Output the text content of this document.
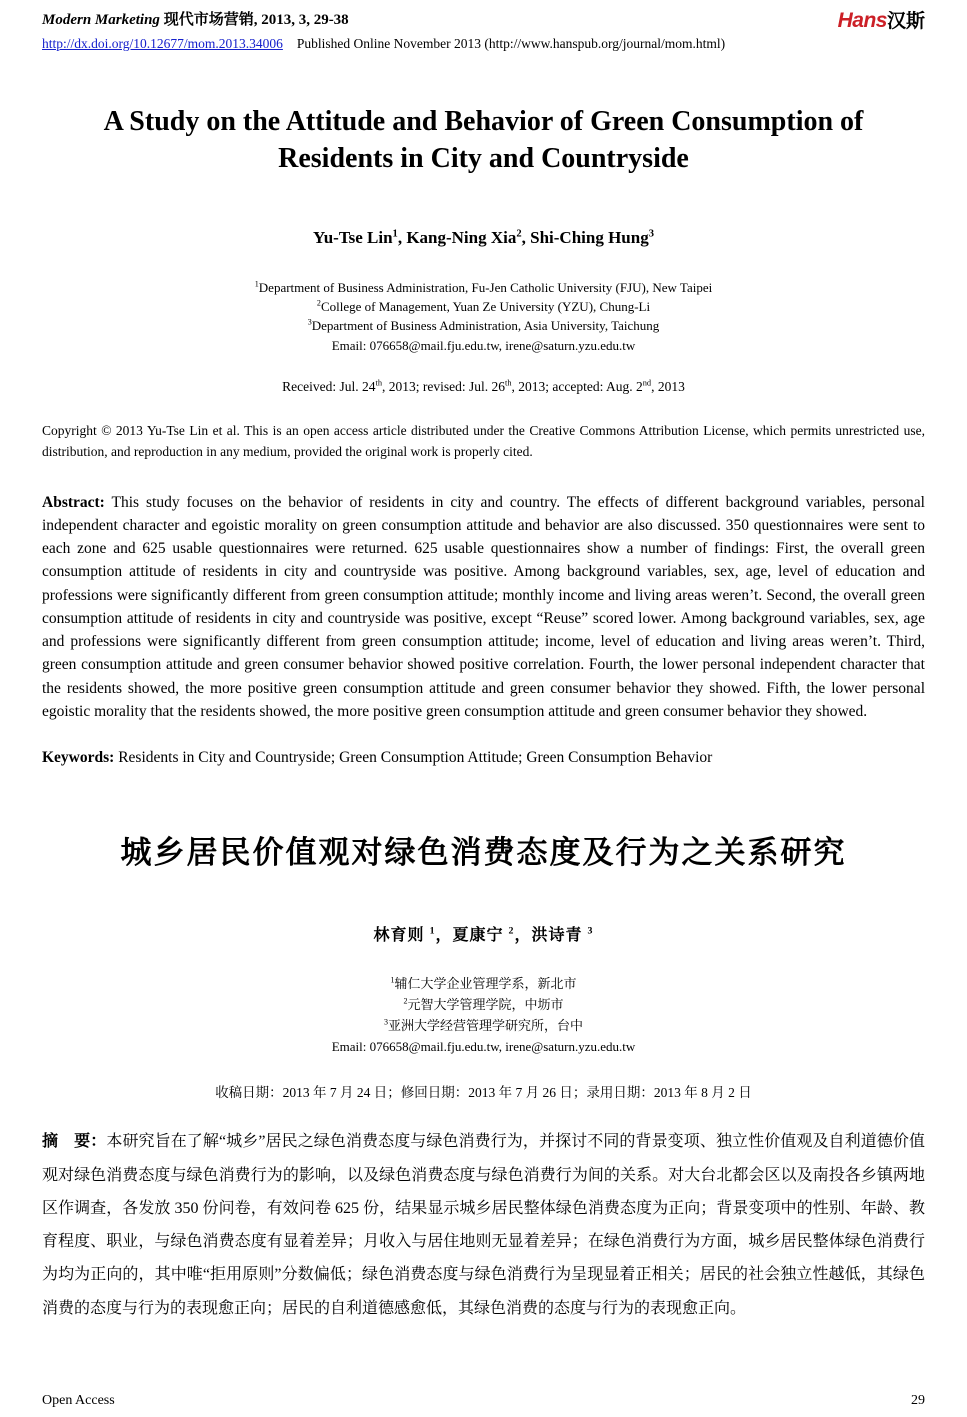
Modern Marketing 现代市场营销, 2013, 3, 29-38	Hans汉斯
http://dx.doi.org/10.12677/mom.2013.34006 Published Online November 2013 (http://www.hanspub.org/journal/mom.html)
A Study on the Attitude and Behavior of Green Consumption of Residents in City and Countryside

Yu-Tse Lin$^1$, Kang-Ning Xia$^2$, Shi-Ching Hung$^3$

$^1$Department of Business Administration, Fu-Jen Catholic University (FJU), New Taipei
$^2$College of Management, Yuan Ze University (YZU), Chung-Li
$^3$Department of Business Administration, Asia University, Taichung
Email: 076658@mail.fju.edu.tw, irene@saturn.yzu.edu.tw

Received: Jul. 24th, 2013; revised: Jul. 26th, 2013; accepted: Aug. 2nd, 2013

Copyright © 2013 Yu-Tse Lin et al. This is an open access article distributed under the Creative Commons Attribution License, which permits unrestricted use, distribution, and reproduction in any medium, provided the original work is properly cited.

Abstract: This study focuses on the behavior of residents in city and country. The effects of different background variables, personal independent character and egoistic morality on green consumption attitude and behavior are also discussed. 350 questionnaires were sent to each zone and 625 usable questionnaires were returned. 625 usable questionnaires show a number of findings: First, the overall green consumption attitude of residents in city and countryside was positive. Among background variables, sex, age, level of education and professions were significantly different from green consumption attitude; monthly income and living areas weren’t. Second, the overall green consumption attitude of residents in city and countryside was positive, except “Reuse” scored lower. Among background variables, sex, age and professions were significantly different from green consumption attitude; income, level of education and living areas weren’t. Third, green consumption attitude and green consumer behavior showed positive correlation. Fourth, the lower personal independent character that the residents showed, the more positive green consumption attitude and green consumer behavior they showed. Fifth, the lower personal egoistic morality that the residents showed, the more positive green consumption attitude and green consumer behavior they showed.

Keywords: Residents in City and Countryside; Green Consumption Attitude; Green Consumption Behavior

城乡居民价值观对绿色消费态度及行为之关系研究

林育则 $^1$，夏康宁 $^2$，洪诗青 $^3$

$^1$辅仁大学企业管理学系，新北市
$^2$元智大学管理学院，中坜市
$^3$亚洲大学经营管理学研究所，台中
Email: 076658@mail.fju.edu.tw, irene@saturn.yzu.edu.tw

收稿日期：2013 年 7 月 24 日；修回日期：2013 年 7 月 26 日；录用日期：2013 年 8 月 2 日

摘　要：本研究旨在了解“城乡”居民之绿色消费态度与绿色消费行为，并探讨不同的背景变项、独立性价值观及自利道德价值观对绿色消费态度与绿色消费行为的影响，以及绿色消费态度与绿色消费行为间的关系。对大台北都会区以及南投各乡镇两地区作调查，各发放 350 份问卷，有效问卷 625 份，结果显示城乡居民整体绿色消费态度为正向；背景变项中的性别、年龄、教育程度、职业，与绿色消费态度有显着差异；月收入与居住地则无显着差异；在绿色消费行为方面，城乡居民整体绿色消费行为均为正向的，其中唯“拒用原则”分数偏低；绿色消费态度与绿色消费行为呈现显着正相关；居民的社会独立性越低，其绿色消费的态度与行为的表现愈正向；居民的自利道德感愈低，其绿色消费的态度与行为的表现愈正向。

Open Access	29
